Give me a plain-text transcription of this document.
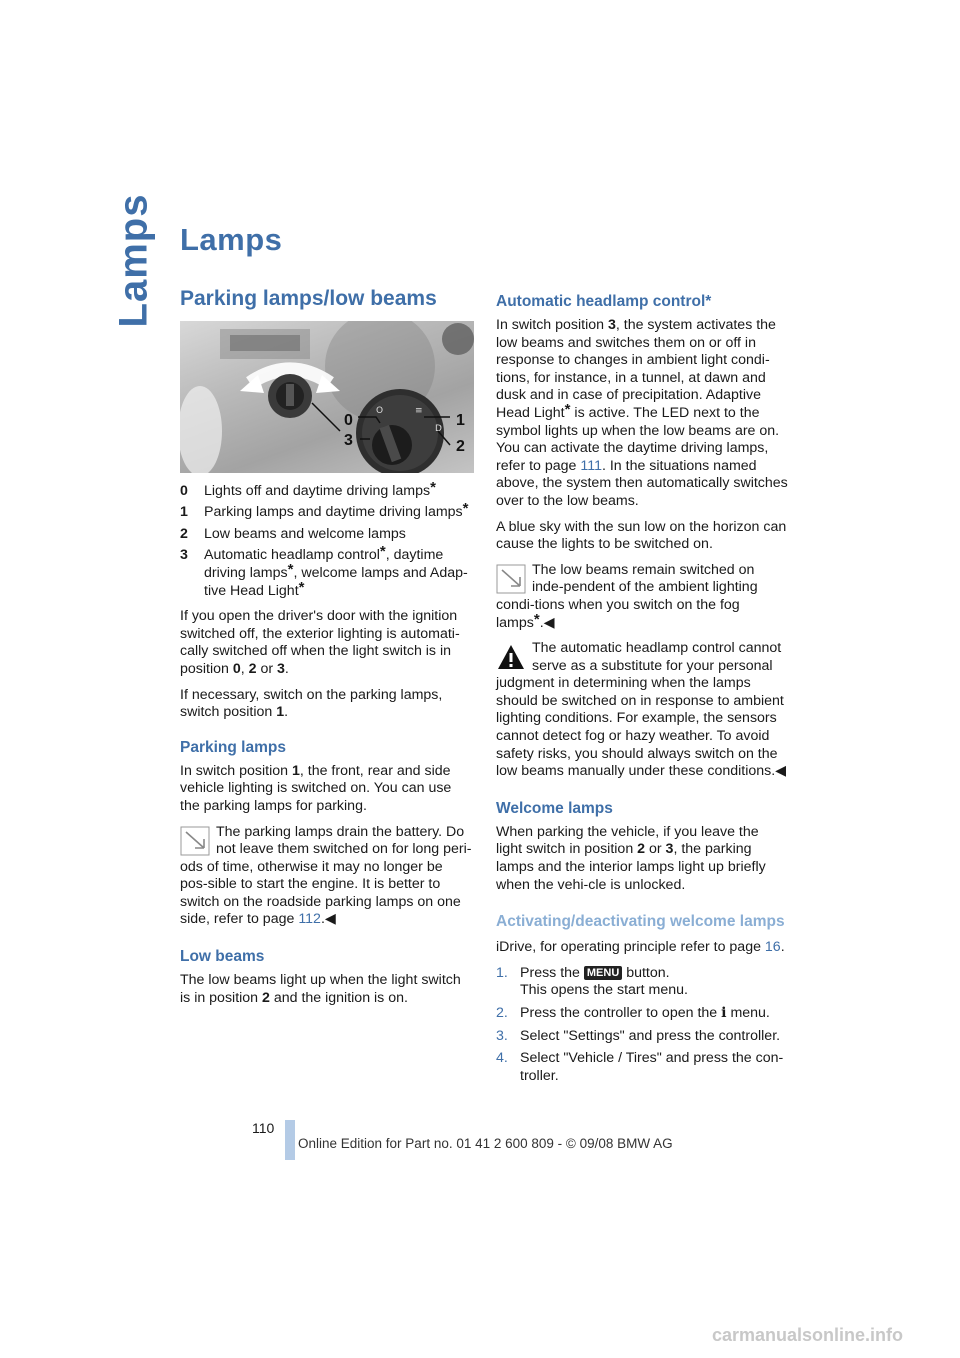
Lamps Lamps
Parking lamps/low beams
O	≡
D
0
3
1
2
0	Lights off and daytime driving lamps*
1	Parking lamps and daytime driving lamps*
2	Low beams and welcome lamps
3	Automatic headlamp control*, daytime driving lamps*, welcome lamps and Adap-tive Head Light*

If you open the driver's door with the ignition switched off, the exterior lighting is automati-cally switched off when the light switch is in position 0, 2 or 3.

If necessary, switch on the parking lamps, switch position 1.

Parking lamps

In switch position 1, the front, rear and side vehicle lighting is switched on. You can use the parking lamps for parking.

The parking lamps drain the battery. Do not leave them switched on for long peri-ods of time, otherwise it may no longer be pos-sible to start the engine. It is better to switch on the roadside parking lamps on one side, refer to page 112.◀
Low beams

The low beams light up when the light switch is in position 2 and the ignition is on.

Automatic headlamp control*

In switch position 3, the system activates the low beams and switches them on or off in response to changes in ambient light condi-tions, for instance, in a tunnel, at dawn and dusk and in case of precipitation. Adaptive Head Light* is active. The LED next to the symbol lights up when the low beams are on. You can activate the daytime driving lamps, refer to page 111. In the situations named above, the system then automatically switches over to the low beams.

A blue sky with the sun low on the horizon can cause the lights to be switched on.

The low beams remain switched on inde-pendent of the ambient lighting condi-tions when you switch on the fog lamps*.◀
The automatic headlamp control cannot serve as a substitute for your personal judgment in determining when the lamps should be switched on in response to ambient lighting conditions. For example, the sensors cannot detect fog or hazy weather. To avoid safety risks, you should always switch on the low beams manually under these conditions.◀
Welcome lamps

When parking the vehicle, if you leave the light switch in position 2 or 3, the parking lamps and the interior lamps light up briefly when the vehi-cle is unlocked.

Activating/deactivating welcome lamps

iDrive, for operating principle refer to page 16.

1. Press the MENU button.
This opens the start menu.
2. Press the controller to open the i menu.
3. Select "Settings" and press the controller.
4. Select "Vehicle / Tires" and press the con-troller.
110
Online Edition for Part no. 01 41 2 600 809 - © 09/08 BMW AG
carmanualsonline.info
